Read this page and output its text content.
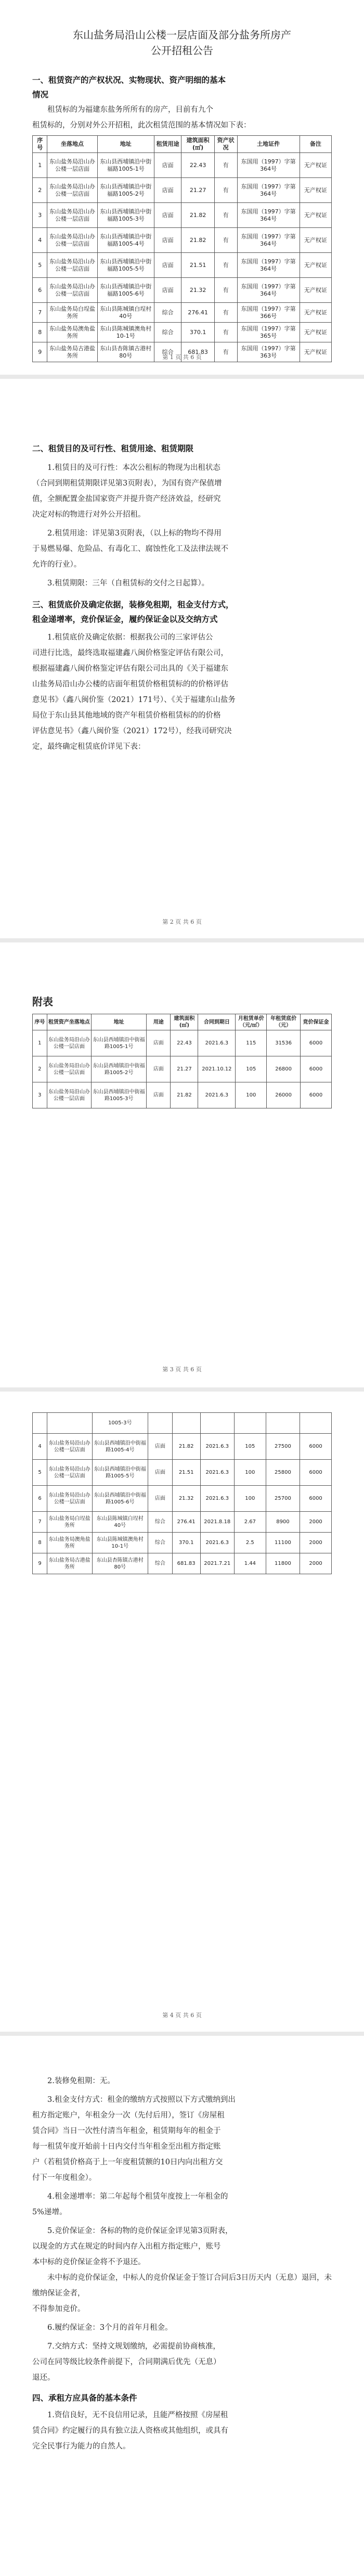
东山盐务局沿山公楼一层店面及部分盐务所房产
公开招租公告

一、租赁资产的产权状况、实物现状、资产明细的基本

情况

租赁标的为福建东盐务所所有的房产，目前有九个

租赁标的，分别对外公开招租，此次租赁范围的基本情况如下表：

序号	坐落地点	地址	租赁用途	建筑面积(㎡)	资产状况	土地证件	备注
1	东山盐务局沿山办公楼一层店面	东山县西埔镇沿中街福路1005-1号	店面	22.43	有	东国用（1997）字第364号	无产权证
2	东山盐务局沿山办公楼一层店面	东山县西埔镇沿中街福路1005-2号	店面	21.27	有	东国用（1997）字第364号	无产权证
3	东山盐务局沿山办公楼一层店面	东山县西埔镇沿中街福路1005-3号	店面	21.82	有	东国用（1997）字第364号	无产权证
4	东山盐务局沿山办公楼一层店面	东山县西埔镇沿中街福路1005-4号	店面	21.82	有	东国用（1997）字第364号	无产权证
5	东山盐务局沿山办公楼一层店面	东山县西埔镇沿中街福路1005-5号	店面	21.51	有	东国用（1997）字第364号	无产权证
6	东山盐务局沿山办公楼一层店面	东山县西埔镇沿中街福路1005-6号	店面	21.32	有	东国用（1997）字第364号	无产权证
7	东山盐务局白埕盐务所	东山县陈城镇白埕村40号	综合	276.41	有	东国用（1997）字第366号	无产权证
8	东山盐务局澳角盐务所	东山县陈城镇澳角村10-1号	综合	370.1	有	东国用（1997）字第365号	无产权证
9	东山盐务局古港盐务所	东山县杏陈镇古港村80号	综合	681.83	有	东国用（1997）字第363号	无产权证
第 1 页 共 6 页

二、租赁目的及可行性、租赁用途、租赁期限

1.租赁目的及可行性：本次公租标的物现为出租状态

（合同到期租赁期限详见第3页附表），为国有资产保值增

值，全额配置金盐国家资产并提升资产经济效益，经研究

决定对标的物进行对外公开招租。

2.租赁用途：详见第3页附表，（以上标的物均不得用

于易燃易爆、危险品、有毒化工、腐蚀性化工及法律法规不

允许的行业）。

3.租赁期限：三年（自租赁标的交付之日起算）。

三、租赁底价及确定依据，装修免租期，租金支付方式，

租金递增率，竞价保证金，履约保证金以及交纳方式

1.租赁底价及确定依据：根据我公司的三家评估公

司进行比选，最终选取福建鑫八闽价格鉴定评估有限公司，

根据福建鑫八闽价格鉴定评估有限公司出具的《关于福建东

山盐务局沿山办公楼的店面年租赁价格租赁标的的价格评估

意见书》（鑫八闽价鉴（2021）171号）、《关于福建东山盐务

局位于东山县其他地域的资产年租赁价格租赁标的的价格

评估意见书》（鑫八闽价鉴（2021）172号），经我司研究决

定，最终确定租赁底价详见下表：

第 2 页 共 6 页
附表
序号	租赁资产坐落地点	地址	用途	建筑面积(㎡)	合同到期日	月租赁单价（元/㎡）	年租赁底价（元）	竞价保证金
1	东山盐务局沿山办公楼一层店面	东山县西埔镇沿中街福路1005-1号	店面	22.43	2021.6.3	115	31536	6000
2	东山盐务局沿山办公楼一层店面	东山县西埔镇沿中街福路1005-2号	店面	21.27	2021.10.12	105	26800	6000
3	东山盐务局沿山办公楼一层店面	东山县西埔镇沿中街福路1005-3号	店面	21.82	2021.6.3	100	26000	6000
第 3 页 共 6 页
		1005-3号						
4	东山盐务局沿山办公楼一层店面	东山县西埔镇沿中街福路1005-4号	店面	21.82	2021.6.3	105	27500	6000
5	东山盐务局沿山办公楼一层店面	东山县西埔镇沿中街福路1005-5号	店面	21.51	2021.6.3	100	25800	6000
6	东山盐务局沿山办公楼一层店面	东山县西埔镇沿中街福路1005-6号	店面	21.32	2021.6.3	100	25700	6000
7	东山盐务局白埕盐务所	东山县陈城镇白埕村40号	综合	276.41	2021.8.18	2.67	8900	2000
8	东山盐务局澳角盐务所	东山县陈城镇澳角村10-1号	综合	370.1	2021.6.3	2.5	11100	2000
9	东山盐务局古港盐务所	东山县杏陈镇古港村80号	综合	681.83	2021.7.21	1.44	11800	2000
第 4 页 共 6 页

2.装修免租期：无。

3.租金支付方式：租金的缴纳方式按照以下方式缴纳到出

租方指定账户，年租金分一次（先付后用），签订《房屋租

赁合同》当日一次性付清当年租金，租赁期每年的租金于

每一租赁年度开始前十日内交付当年租金至出租方指定账

户（若租赁价格高于上一年度租赁额的10日内向出租方交

付下一年度租金）。

4.租金递增率：第二年起每个租赁年度按上一年租金的

5%递增。

5.竞价保证金：各标的物的竞价保证金详见第3页附表，

以现金的方式在规定的时间内存入出租方指定账户，账号

本中标的竞价保证金将不予退还。

未中标的竞价保证金，中标人的竞价保证金于签订合同后3日历天内（无息）退回，未缴纳保证金者，

不得参加竞价。

6.履约保证金：3个月的首年月租金。

7.交纳方式：坚持文规划缴纳，必需提前协商核准，

公司在同等级比较条件前提下，合同期满后优先（无息）

退还。

四、承租方应具备的基本条件

1.资信良好，无不良信用记录，且能严格按照《房屋租

赁合同》约定履行的具有独立法人资格或其他组织，或具有

完全民事行为能力的自然人。
